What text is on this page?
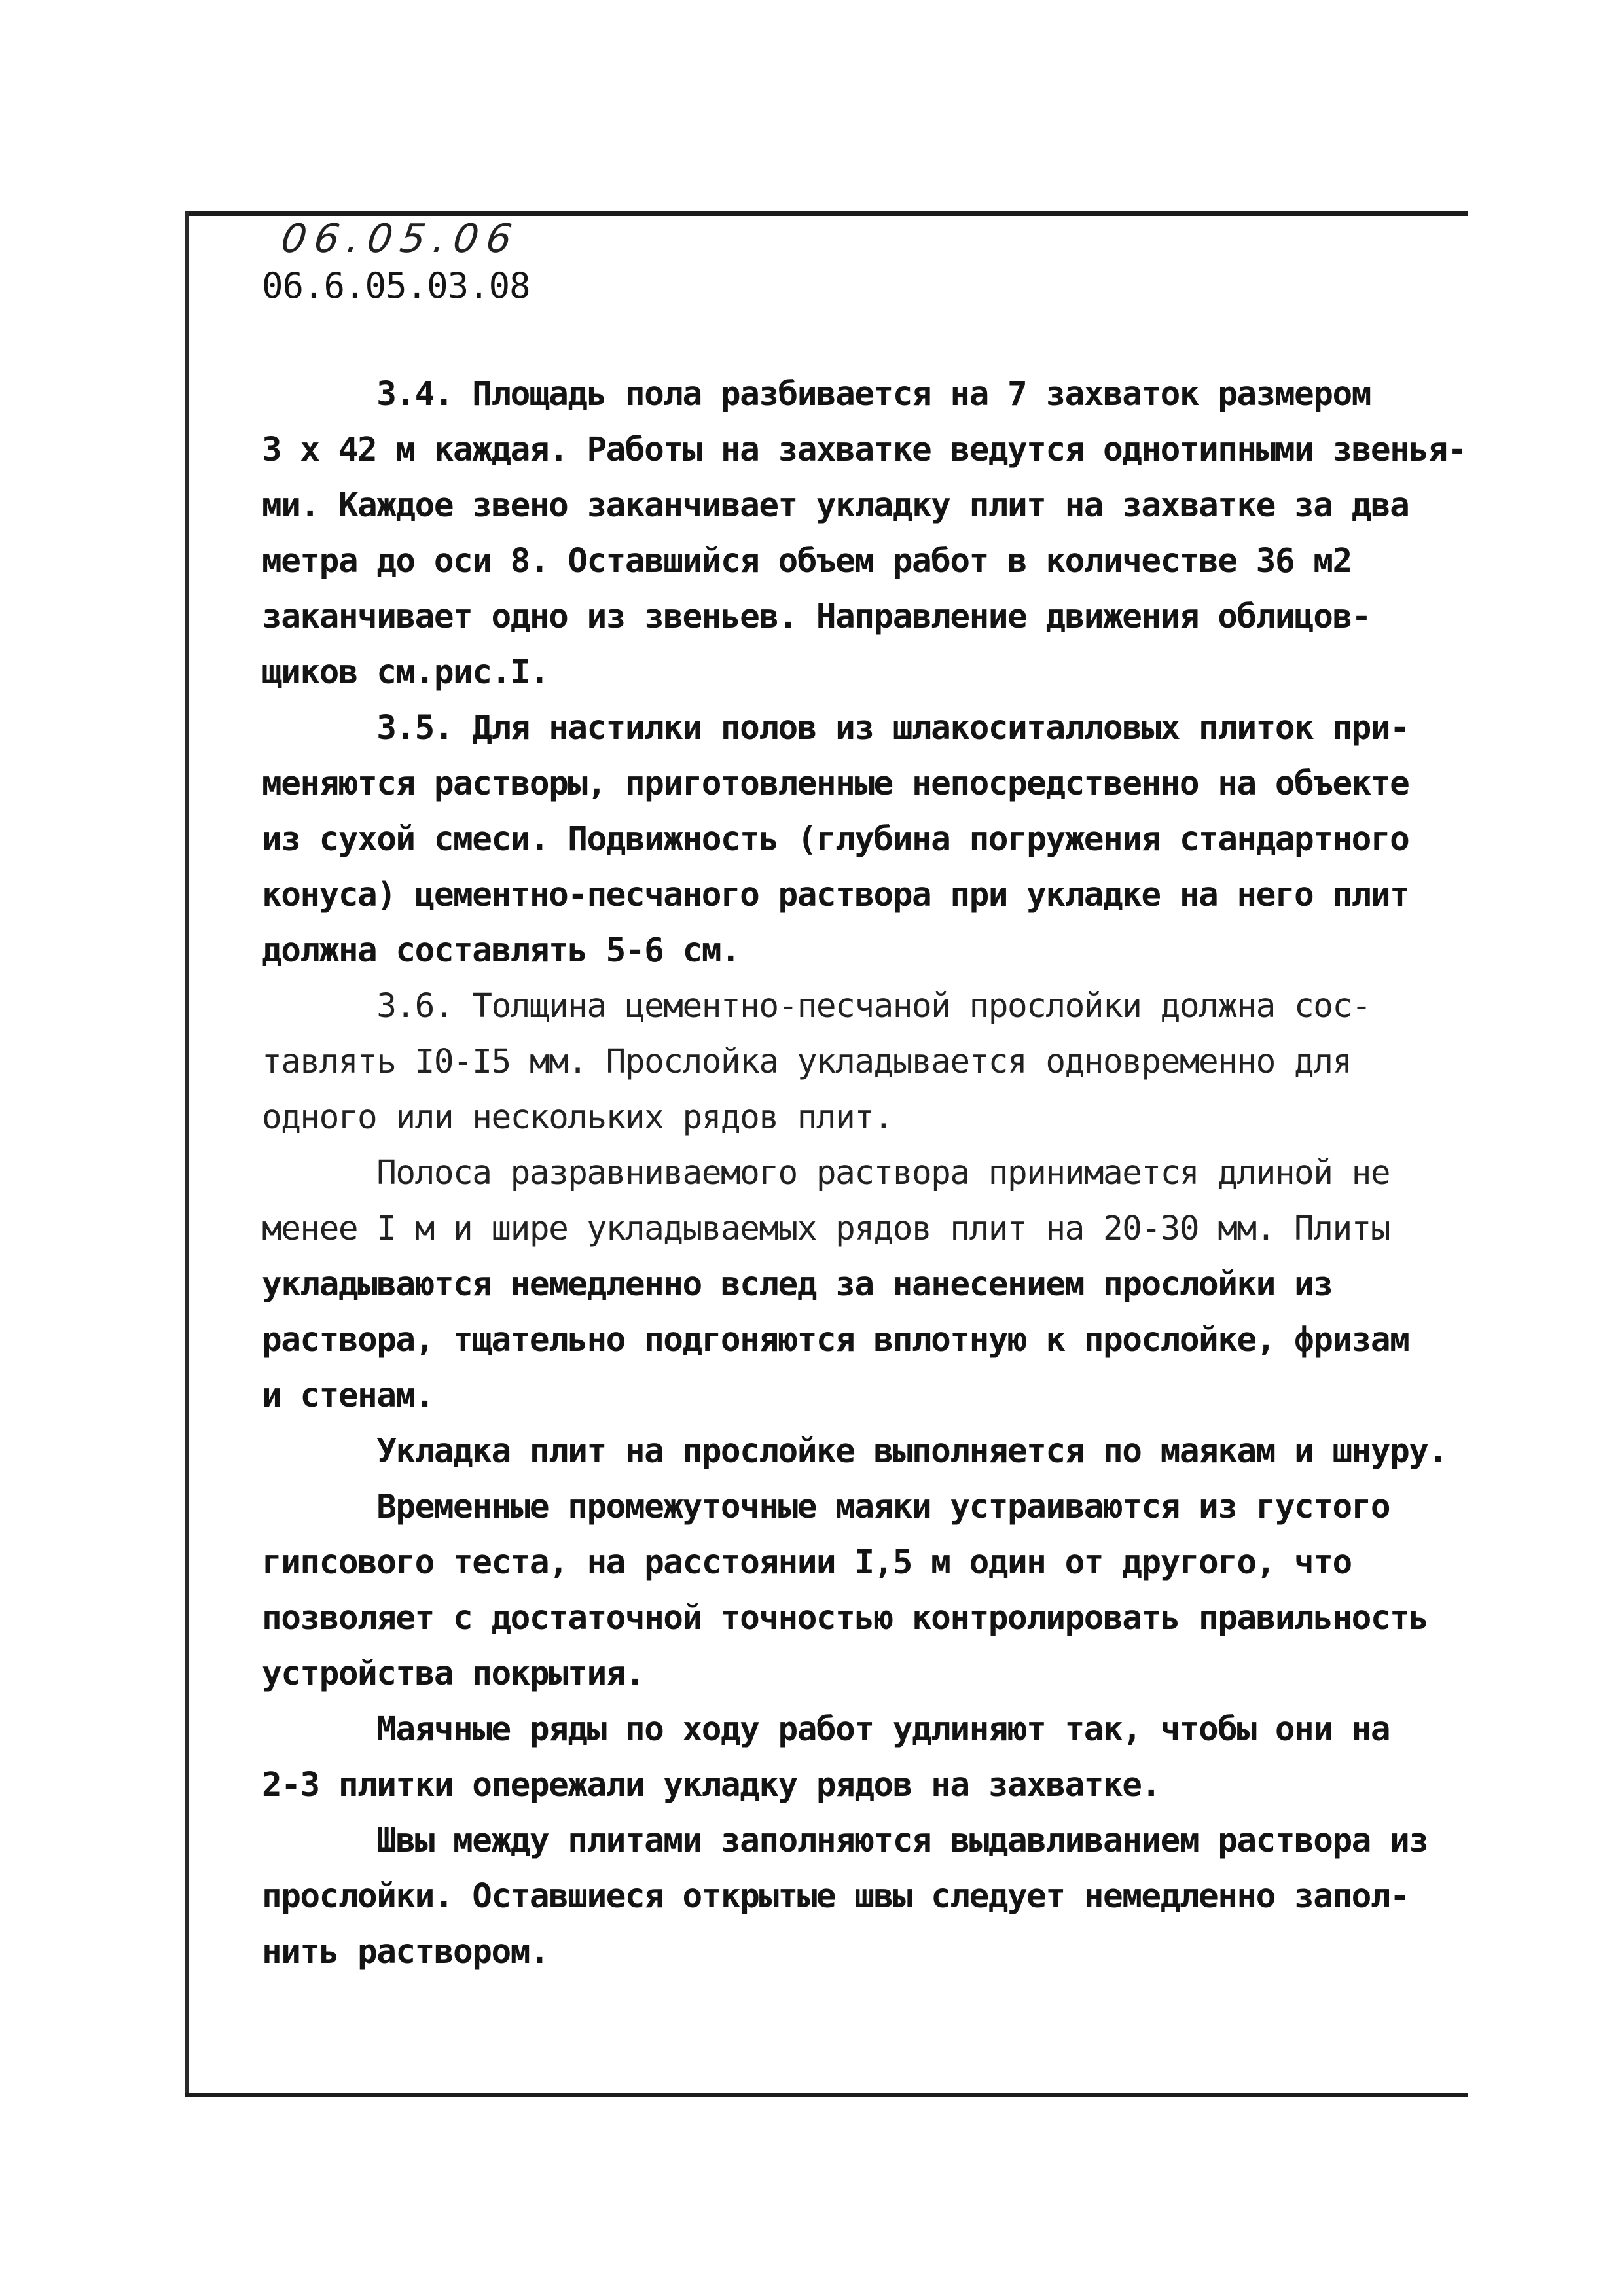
06.05.06
06.6.05.03.08
3.4. Площадь пола разбивается на 7 захваток размером
3 x 42 м каждая. Работы на захватке ведутся однотипными звенья-
ми. Каждое звено заканчивает укладку плит на захватке за два
метра до оси 8. Оставшийся объем работ в количестве 36 м2
заканчивает одно из звеньев. Направление движения облицов-
щиков см.рис.I.
3.5. Для настилки полов из шлакоситалловых плиток при-
меняются растворы, приготовленные непосредственно на объекте
из сухой смеси. Подвижность (глубина погружения стандартного
конуса) цементно-песчаного раствора при укладке на него плит
должна составлять 5-6 см.
3.6. Толщина цементно-песчаной прослойки должна сос-
тавлять I0-I5 мм. Прослойка укладывается одновременно для
одного или нескольких рядов плит.
Полоса разравниваемого раствора принимается длиной не
менее I м и шире укладываемых рядов плит на 20-30 мм. Плиты
укладываются немедленно вслед за нанесением прослойки из
раствора, тщательно подгоняются вплотную к прослойке, фризам
и стенам.
Укладка плит на прослойке выполняется по маякам и шнуру.
Временные промежуточные маяки устраиваются из густого
гипсового теста, на расстоянии I,5 м один от другого, что
позволяет с достаточной точностью контролировать правильность
устройства покрытия.
Маячные ряды по ходу работ удлиняют так, чтобы они на
2-3 плитки опережали укладку рядов на захватке.
Швы между плитами заполняются выдавливанием раствора из
прослойки. Оставшиеся открытые швы следует немедленно запол-
нить раствором.
